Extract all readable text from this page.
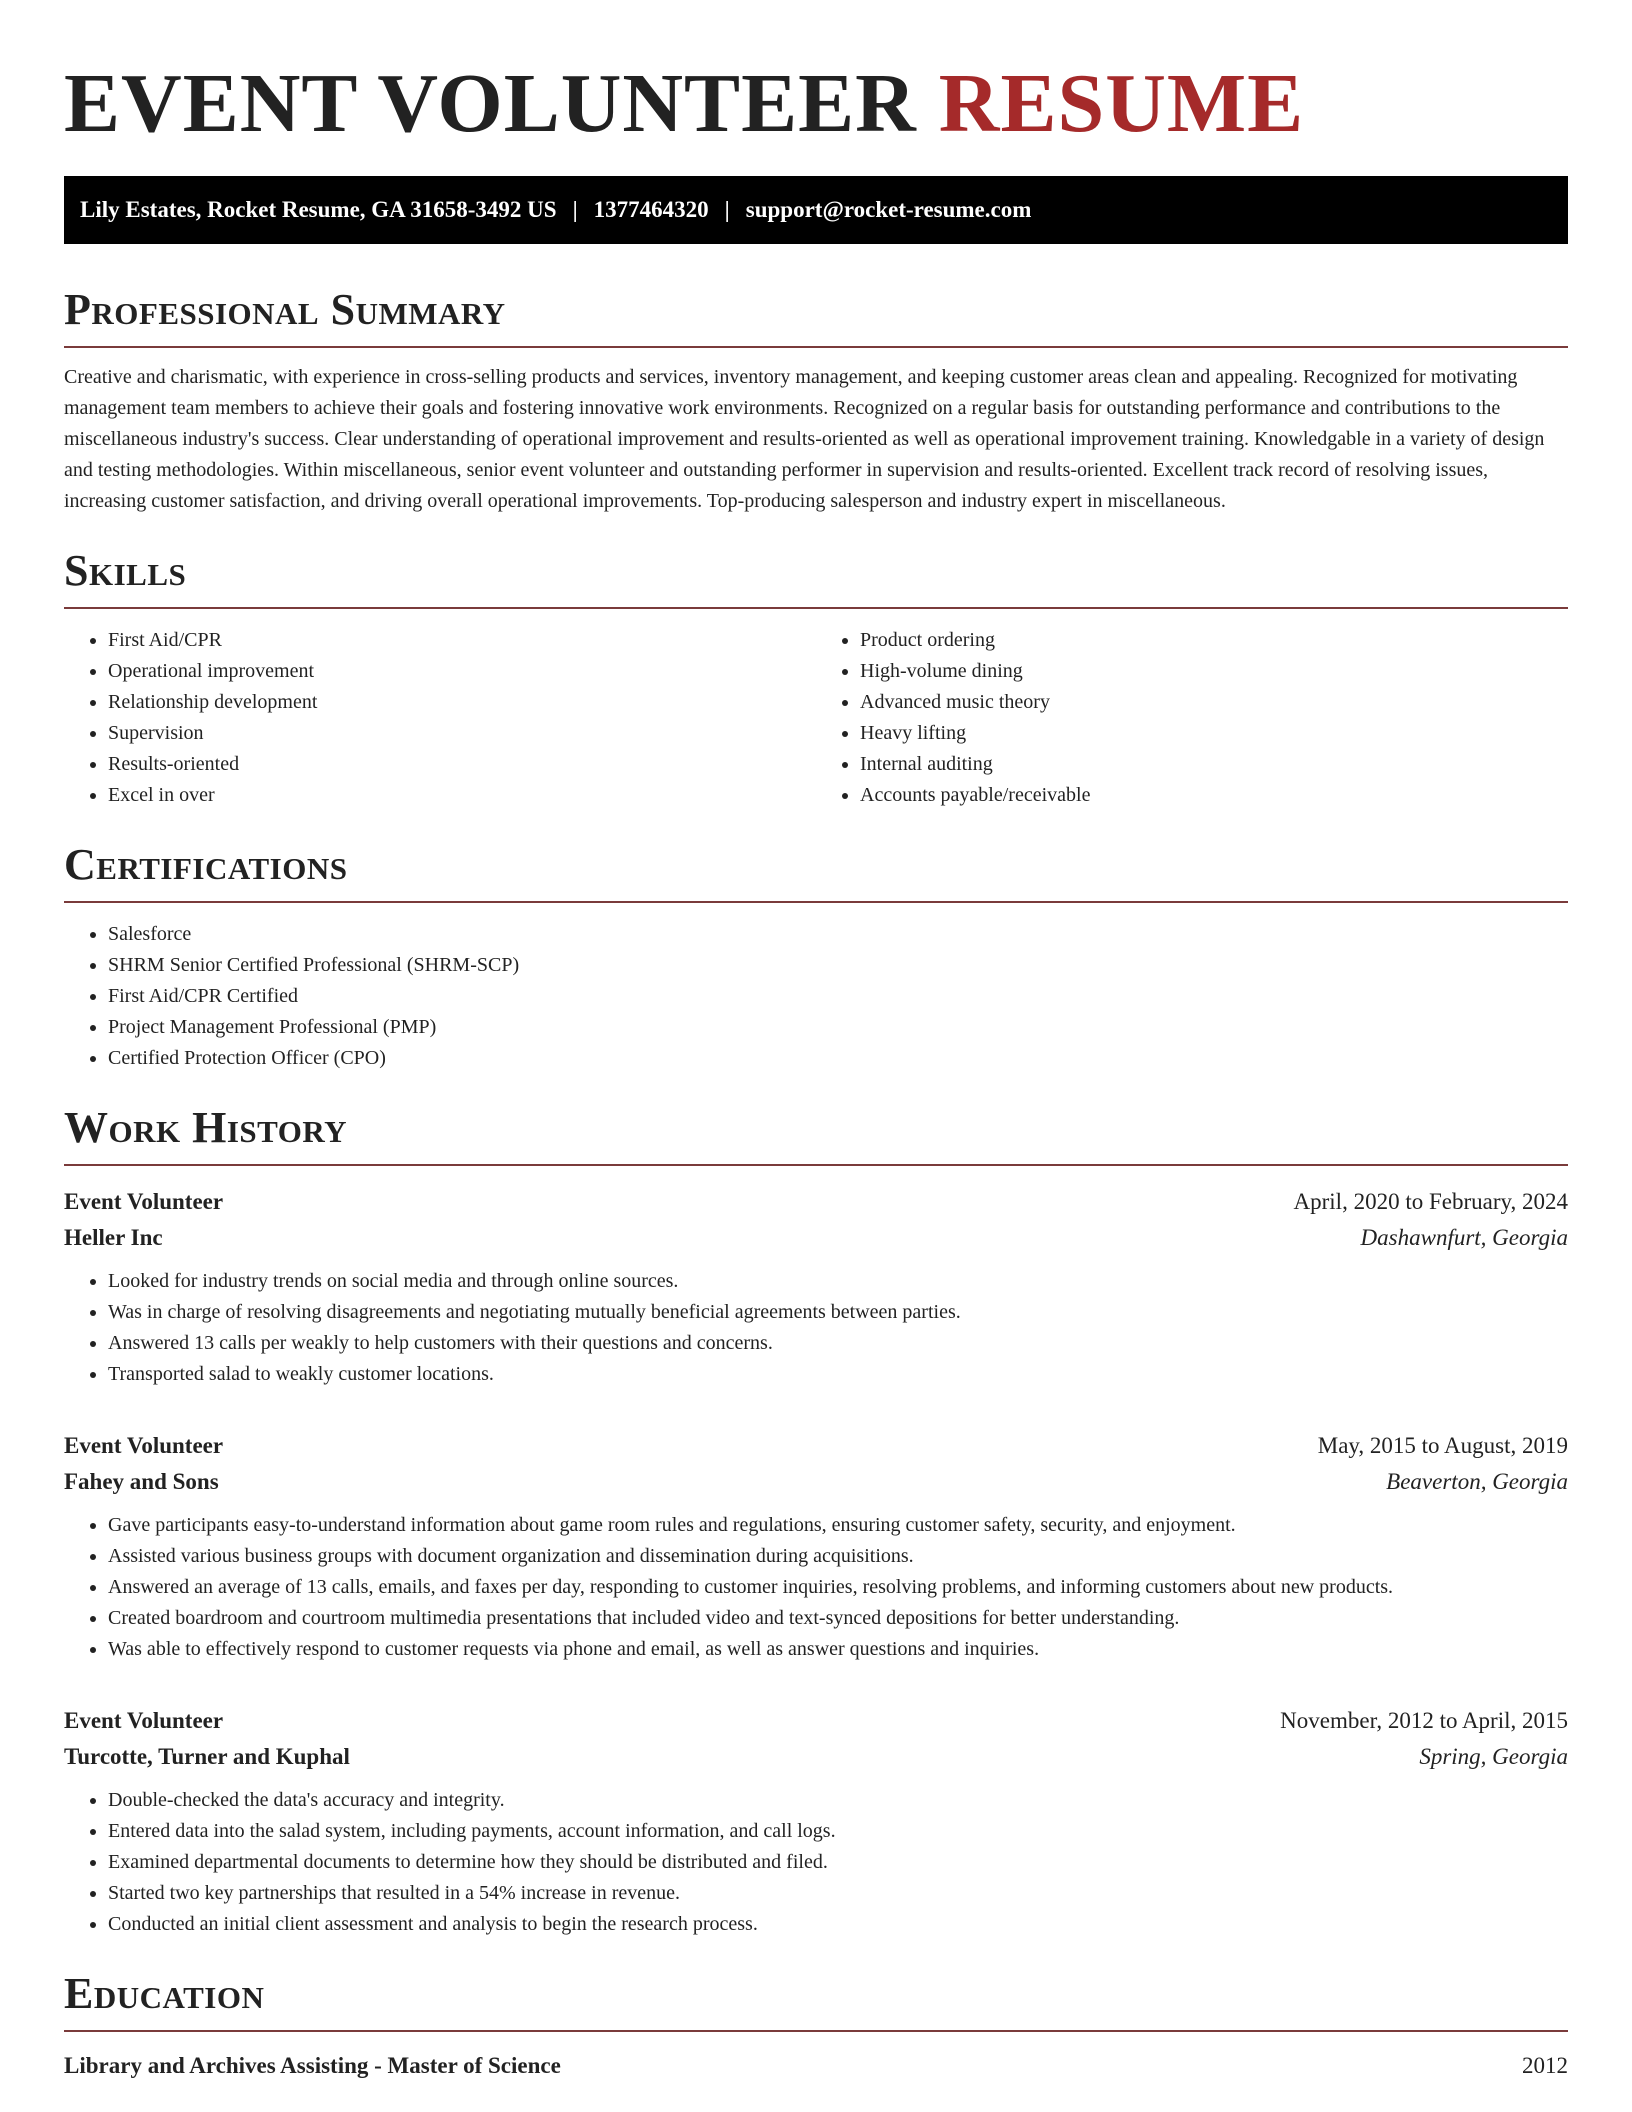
EVENT VOLUNTEER RESUME
Lily Estates, Rocket Resume, GA 31658-3492 US | 1377464320 | support@rocket-resume.com
Professional Summary

Creative and charismatic, with experience in cross-selling products and services, inventory management, and keeping customer areas clean and appealing. Recognized for motivating management team members to achieve their goals and fostering innovative work environments. Recognized on a regular basis for outstanding performance and contributions to the miscellaneous industry's success. Clear understanding of operational improvement and results-oriented as well as operational improvement training. Knowledgable in a variety of design and testing methodologies. Within miscellaneous, senior event volunteer and outstanding performer in supervision and results-oriented. Excellent track record of resolving issues, increasing customer satisfaction, and driving overall operational improvements. Top-producing salesperson and industry expert in miscellaneous.

Skills
• First Aid/CPR
• Operational improvement
• Relationship development
• Supervision
• Results-oriented
• Excel in over
• Product ordering
• High-volume dining
• Advanced music theory
• Heavy lifting
• Internal auditing
• Accounts payable/receivable
Certifications
• Salesforce
• SHRM Senior Certified Professional (SHRM-SCP)
• First Aid/CPR Certified
• Project Management Professional (PMP)
• Certified Protection Officer (CPO)
Work History
Event Volunteer	April, 2020 to February, 2024
Heller Inc	Dashawnfurt, Georgia
• Looked for industry trends on social media and through online sources.
• Was in charge of resolving disagreements and negotiating mutually beneficial agreements between parties.
• Answered 13 calls per weakly to help customers with their questions and concerns.
• Transported salad to weakly customer locations.
Event Volunteer	May, 2015 to August, 2019
Fahey and Sons	Beaverton, Georgia
• Gave participants easy-to-understand information about game room rules and regulations, ensuring customer safety, security, and enjoyment.
• Assisted various business groups with document organization and dissemination during acquisitions.
• Answered an average of 13 calls, emails, and faxes per day, responding to customer inquiries, resolving problems, and informing customers about new products.
• Created boardroom and courtroom multimedia presentations that included video and text-synced depositions for better understanding.
• Was able to effectively respond to customer requests via phone and email, as well as answer questions and inquiries.
Event Volunteer	November, 2012 to April, 2015
Turcotte, Turner and Kuphal	Spring, Georgia
• Double-checked the data's accuracy and integrity.
• Entered data into the salad system, including payments, account information, and call logs.
• Examined departmental documents to determine how they should be distributed and filed.
• Started two key partnerships that resulted in a 54% increase in revenue.
• Conducted an initial client assessment and analysis to begin the research process.
Education
Library and Archives Assisting - Master of Science	2012
